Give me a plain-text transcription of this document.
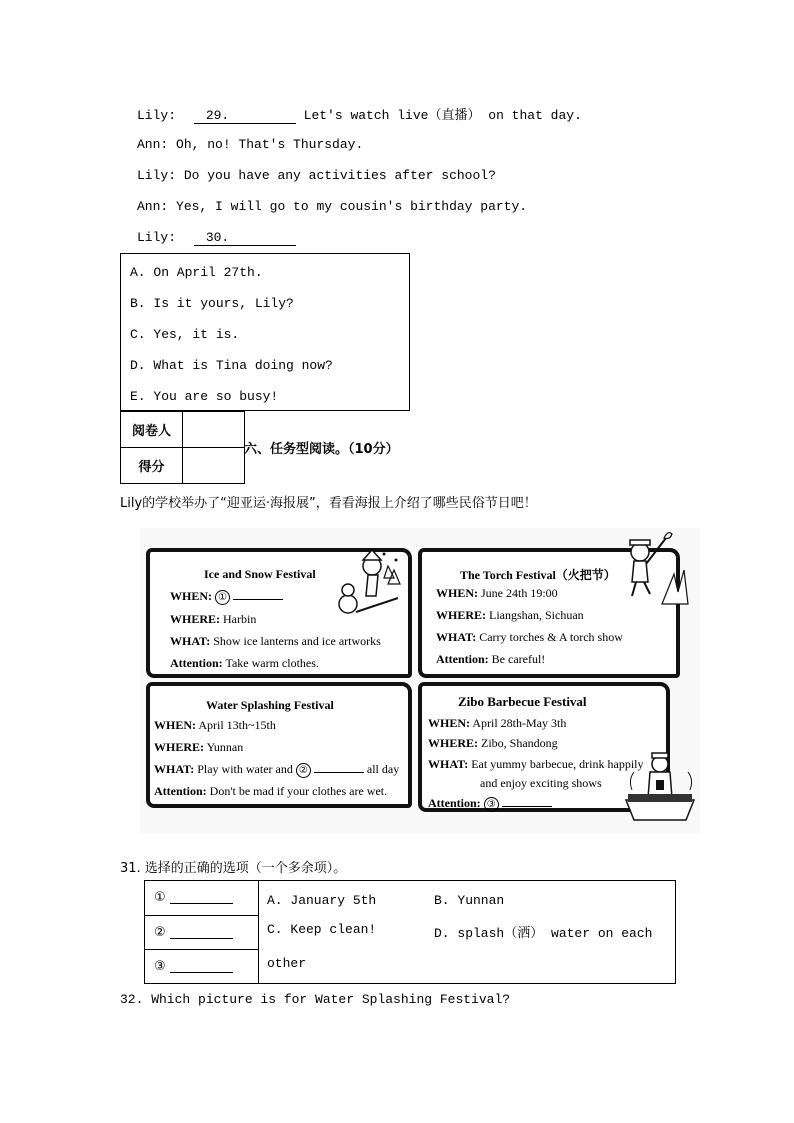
Lily: 29.	Let's watch live（直播） on that day.
Ann: Oh, no! That's Thursday.
Lily: Do you have any activities after school?
Ann: Yes, I will go to my cousin's birthday party.
Lily: 30.
A. On April 27th.
B. Is it yours, Lily?
C. Yes, it is.
D. What is Tina doing now?
E. You are so busy!
阅卷人	
得分	
六、任务型阅读。（10分）
Lily的学校举办了“迎亚运·海报展”，看看海报上介绍了哪些民俗节日吧！
Ice and Snow Festival
WHEN: ①
WHERE: Harbin
WHAT: Show ice lanterns and ice artworks
Attention: Take warm clothes.
The Torch Festival（火把节）
WHEN: June 24th 19:00
WHERE: Liangshan, Sichuan
WHAT: Carry torches & A torch show
Attention: Be careful!
Water Splashing Festival
WHEN: April 13th~15th
WHERE: Yunnan
WHAT: Play with water and ②	all day
Attention: Don't be mad if your clothes are wet.
Zibo Barbecue Festival
WHEN: April 28th-May 3th
WHERE: Zibo, Shandong
WHAT: Eat yummy barbecue, drink happily
and enjoy exciting shows
Attention: ③
31. 选择的正确的选项（一个多余项）。
①
②
③
A. January 5th	B. Yunnan
C. Keep clean!	D. splash（洒） water on each
other
32. Which picture is for Water Splashing Festival?
